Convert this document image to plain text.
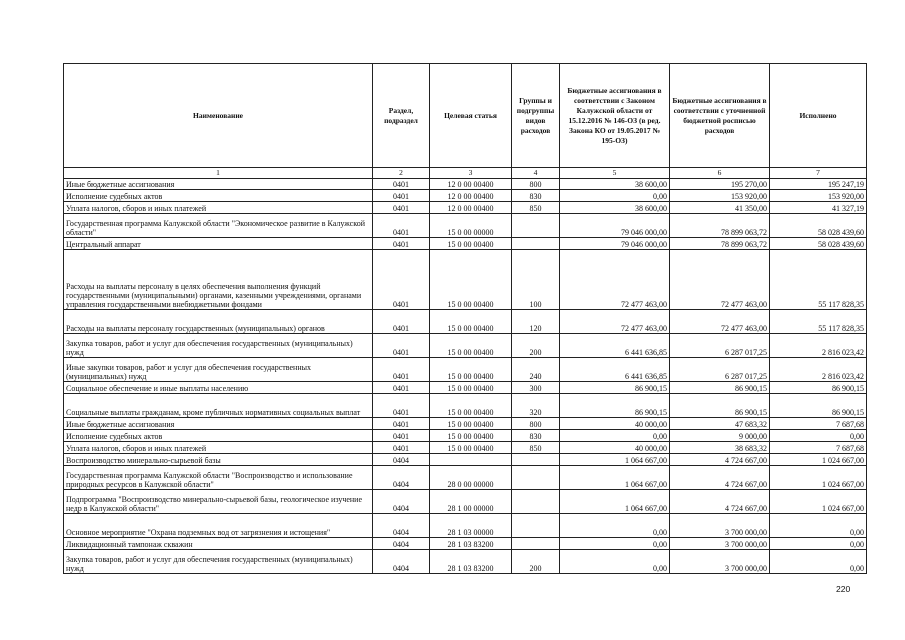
Наименование	Раздел, подраздел	Целевая статья	Группы и подгруппы видов расходов	Бюджетные ассигнования в соответствии с Законом Калужской области от 15.12.2016 № 146-ОЗ (в ред. Закона КО от 19.05.2017 № 195-ОЗ)	Бюджетные ассигнования в соответствии с уточненной бюджетной росписью расходов	Исполнено
1	2	3	4	5	6	7
Иные бюджетные ассигнования	0401	12 0 00 00400	800	38 600,00	195 270,00	195 247,19
Исполнение судебных актов	0401	12 0 00 00400	830	0,00	153 920,00	153 920,00
Уплата налогов, сборов и иных платежей	0401	12 0 00 00400	850	38 600,00	41 350,00	41 327,19
Государственная программа Калужской области "Экономическое развитие в Калужской области"	0401	15 0 00 00000		79 046 000,00	78 899 063,72	58 028 439,60
Центральный аппарат	0401	15 0 00 00400		79 046 000,00	78 899 063,72	58 028 439,60
Расходы на выплаты персоналу в целях обеспечения выполнения функций государственными (муниципальными) органами, казенными учреждениями, органами управления государственными внебюджетными фондами	0401	15 0 00 00400	100	72 477 463,00	72 477 463,00	55 117 828,35
Расходы на выплаты персоналу государственных (муниципальных) органов	0401	15 0 00 00400	120	72 477 463,00	72 477 463,00	55 117 828,35
Закупка товаров, работ и услуг для обеспечения государственных (муниципальных) нужд	0401	15 0 00 00400	200	6 441 636,85	6 287 017,25	2 816 023,42
Иные закупки товаров, работ и услуг для обеспечения государственных (муниципальных) нужд	0401	15 0 00 00400	240	6 441 636,85	6 287 017,25	2 816 023,42
Социальное обеспечение и иные выплаты населению	0401	15 0 00 00400	300	86 900,15	86 900,15	86 900,15
Социальные выплаты гражданам, кроме публичных нормативных социальных выплат	0401	15 0 00 00400	320	86 900,15	86 900,15	86 900,15
Иные бюджетные ассигнования	0401	15 0 00 00400	800	40 000,00	47 683,32	7 687,68
Исполнение судебных актов	0401	15 0 00 00400	830	0,00	9 000,00	0,00
Уплата налогов, сборов и иных платежей	0401	15 0 00 00400	850	40 000,00	38 683,32	7 687,68
Воспроизводство минерально-сырьевой базы	0404			1 064 667,00	4 724 667,00	1 024 667,00
Государственная программа Калужской области "Воспроизводство и использование природных ресурсов в Калужской области"	0404	28 0 00 00000		1 064 667,00	4 724 667,00	1 024 667,00
Подпрограмма "Воспроизводство минерально-сырьевой базы, геологическое изучение недр в Калужской области"	0404	28 1 00 00000		1 064 667,00	4 724 667,00	1 024 667,00
Основное мероприятие "Охрана подземных вод от загрязнения и истощения"	0404	28 1 03 00000		0,00	3 700 000,00	0,00
Ликвидационный тампонаж скважин	0404	28 1 03 83200		0,00	3 700 000,00	0,00
Закупка товаров, работ и услуг для обеспечения государственных (муниципальных) нужд	0404	28 1 03 83200	200	0,00	3 700 000,00	0,00
220
